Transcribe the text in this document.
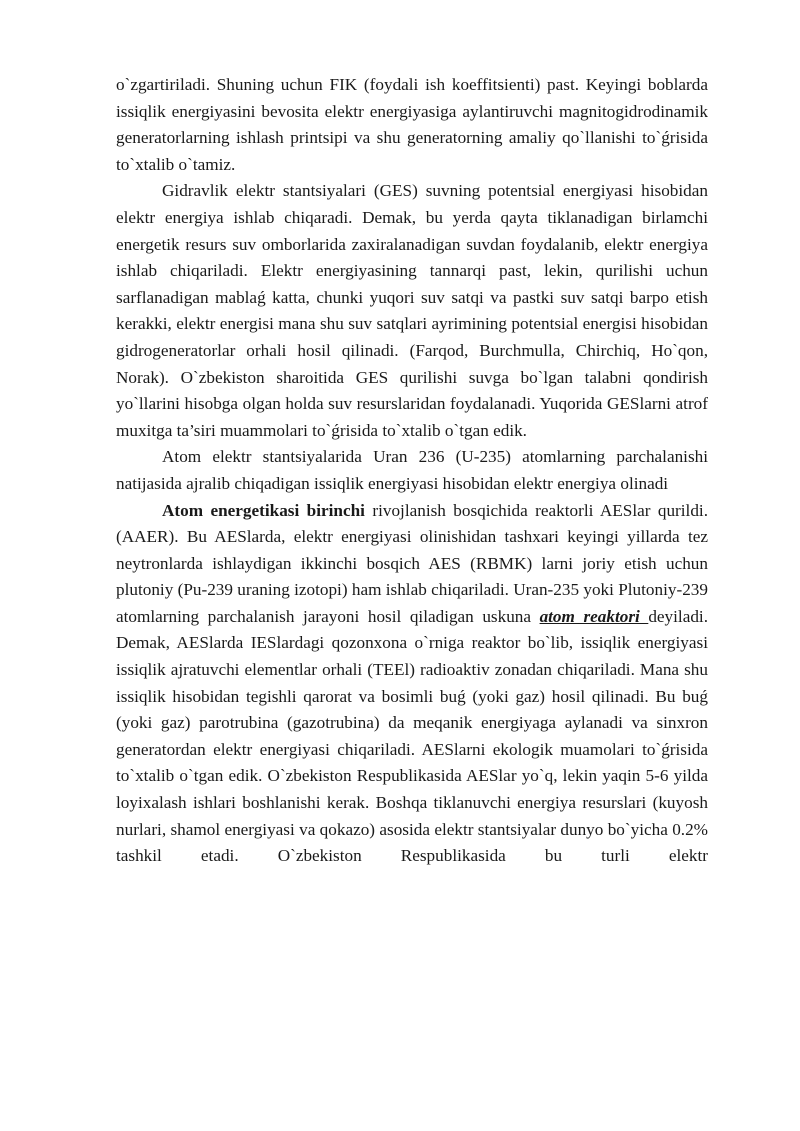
o`zgartiriladi. Shuning uchun FIK (foydali ish koeffitsienti) past. Keyingi boblarda issiqlik energiyasini bevosita elektr energiyasiga aylantiruvchi magnitogidrodinamik generatorlarning ishlash printsipi va shu generatorning amaliy qo`llanishi to`ǵrisida to`xtalib o`tamiz.

Gidravlik elektr stantsiyalari (GES) suvning potentsial energiyasi hisobidan elektr energiya ishlab chiqaradi. Demak, bu yerda qayta tiklanadigan birlamchi energetik resurs suv omborlarida zaxiralanadigan suvdan foydalanib, elektr energiya ishlab chiqariladi. Elektr energiyasining tannarqi past, lekin, qurilishi uchun sarflanadigan mablaǵ katta, chunki yuqori suv satqi va pastki suv satqi barpo etish kerakki, elektr energisi mana shu suv satqlari ayrimining potentsial energisi hisobidan gidrogeneratorlar orhali hosil qilinadi. (Farqod, Burchmulla, Chirchiq, Ho`qon, Norak). O`zbekiston sharoitida GES qurilishi suvga bo`lgan talabni qondirish yo`llarini hisobga olgan holda suv resurslaridan foydalanadi. Yuqorida GESlarni atrof muxitga ta’siri muammolari to`ǵrisida to`xtalib o`tgan edik.

Atom elektr stantsiyalarida Uran 236 (U-235) atomlarning parchalanishi natijasida ajralib chiqadigan issiqlik energiyasi hisobidan elektr energiya olinadi

Atom energetikasi birinchi rivojlanish bosqichida reaktorli AESlar qurildi. (AAER). Bu AESlarda, elektr energiyasi olinishidan tashxari keyingi yillarda tez neytronlarda ishlaydigan ikkinchi bosqich AES (RBMK) larni joriy etish uchun plutoniy (Pu-239 uraning izotopi) ham ishlab chiqariladi. Uran-235 yoki Plutoniy-239 atomlarning parchalanish jarayoni hosil qiladigan uskuna atom reaktori deyiladi. Demak, AESlarda IESlardagi qozonxona o`rniga reaktor bo`lib, issiqlik energiyasi issiqlik ajratuvchi elementlar orhali (TEEl) radioaktiv zonadan chiqariladi. Mana shu issiqlik hisobidan tegishli qarorat va bosimli buǵ (yoki gaz) hosil qilinadi. Bu buǵ (yoki gaz) parotrubina (gazotrubina) da meqanik energiyaga aylanadi va sinxron generatordan elektr energiyasi chiqariladi. AESlarni ekologik muamolari to`ǵrisida to`xtalib o`tgan edik. O`zbekiston Respublikasida AESlar yo`q, lekin yaqin 5-6 yilda loyixalash ishlari boshlanishi kerak. Boshqa tiklanuvchi energiya resurslari (kuyosh nurlari, shamol energiyasi va qokazo) asosida elektr stantsiyalar dunyo bo`yicha 0.2% tashkil etadi. O`zbekiston Respublikasida bu turli elektr
